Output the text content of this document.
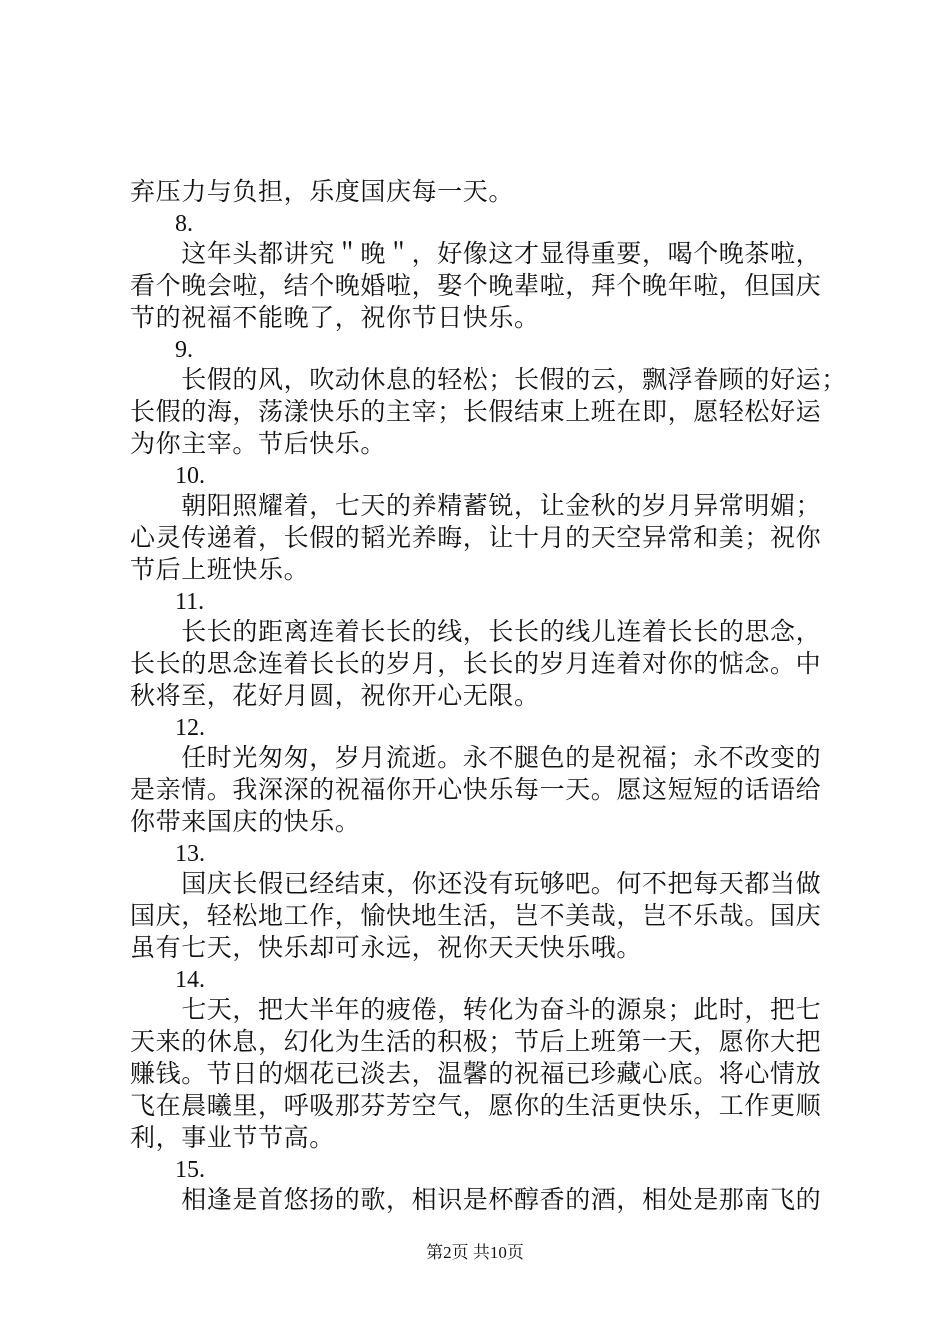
弃压力与负担，乐度国庆每一天。
8.
　　这年头都讲究＂晚＂，好像这才显得重要，喝个晚茶啦，
看个晚会啦，结个晚婚啦，娶个晚辈啦，拜个晚年啦，但国庆
节的祝福不能晚了，祝你节日快乐。
9.
　　长假的风，吹动休息的轻松；长假的云，飘浮眷顾的好运；
长假的海，荡漾快乐的主宰；长假结束上班在即，愿轻松好运
为你主宰。节后快乐。
10.
　　朝阳照耀着，七天的养精蓄锐，让金秋的岁月异常明媚；
心灵传递着，长假的韬光养晦，让十月的天空异常和美；祝你
节后上班快乐。
11.
　　长长的距离连着长长的线，长长的线儿连着长长的思念，
长长的思念连着长长的岁月，长长的岁月连着对你的惦念。中
秋将至，花好月圆，祝你开心无限。
12.
　　任时光匆匆，岁月流逝。永不腿色的是祝福；永不改变的
是亲情。我深深的祝福你开心快乐每一天。愿这短短的话语给
你带来国庆的快乐。
13.
　　国庆长假已经结束，你还没有玩够吧。何不把每天都当做
国庆，轻松地工作，愉快地生活，岂不美哉，岂不乐哉。国庆
虽有七天，快乐却可永远，祝你天天快乐哦。
14.
　　七天，把大半年的疲倦，转化为奋斗的源泉；此时，把七
天来的休息，幻化为生活的积极；节后上班第一天，愿你大把
赚钱。节日的烟花已淡去，温馨的祝福已珍藏心底。将心情放
飞在晨曦里，呼吸那芬芳空气，愿你的生活更快乐，工作更顺
利，事业节节高。
15.
　　相逢是首悠扬的歌，相识是杯醇香的酒，相处是那南飞的
第2页 共10页
